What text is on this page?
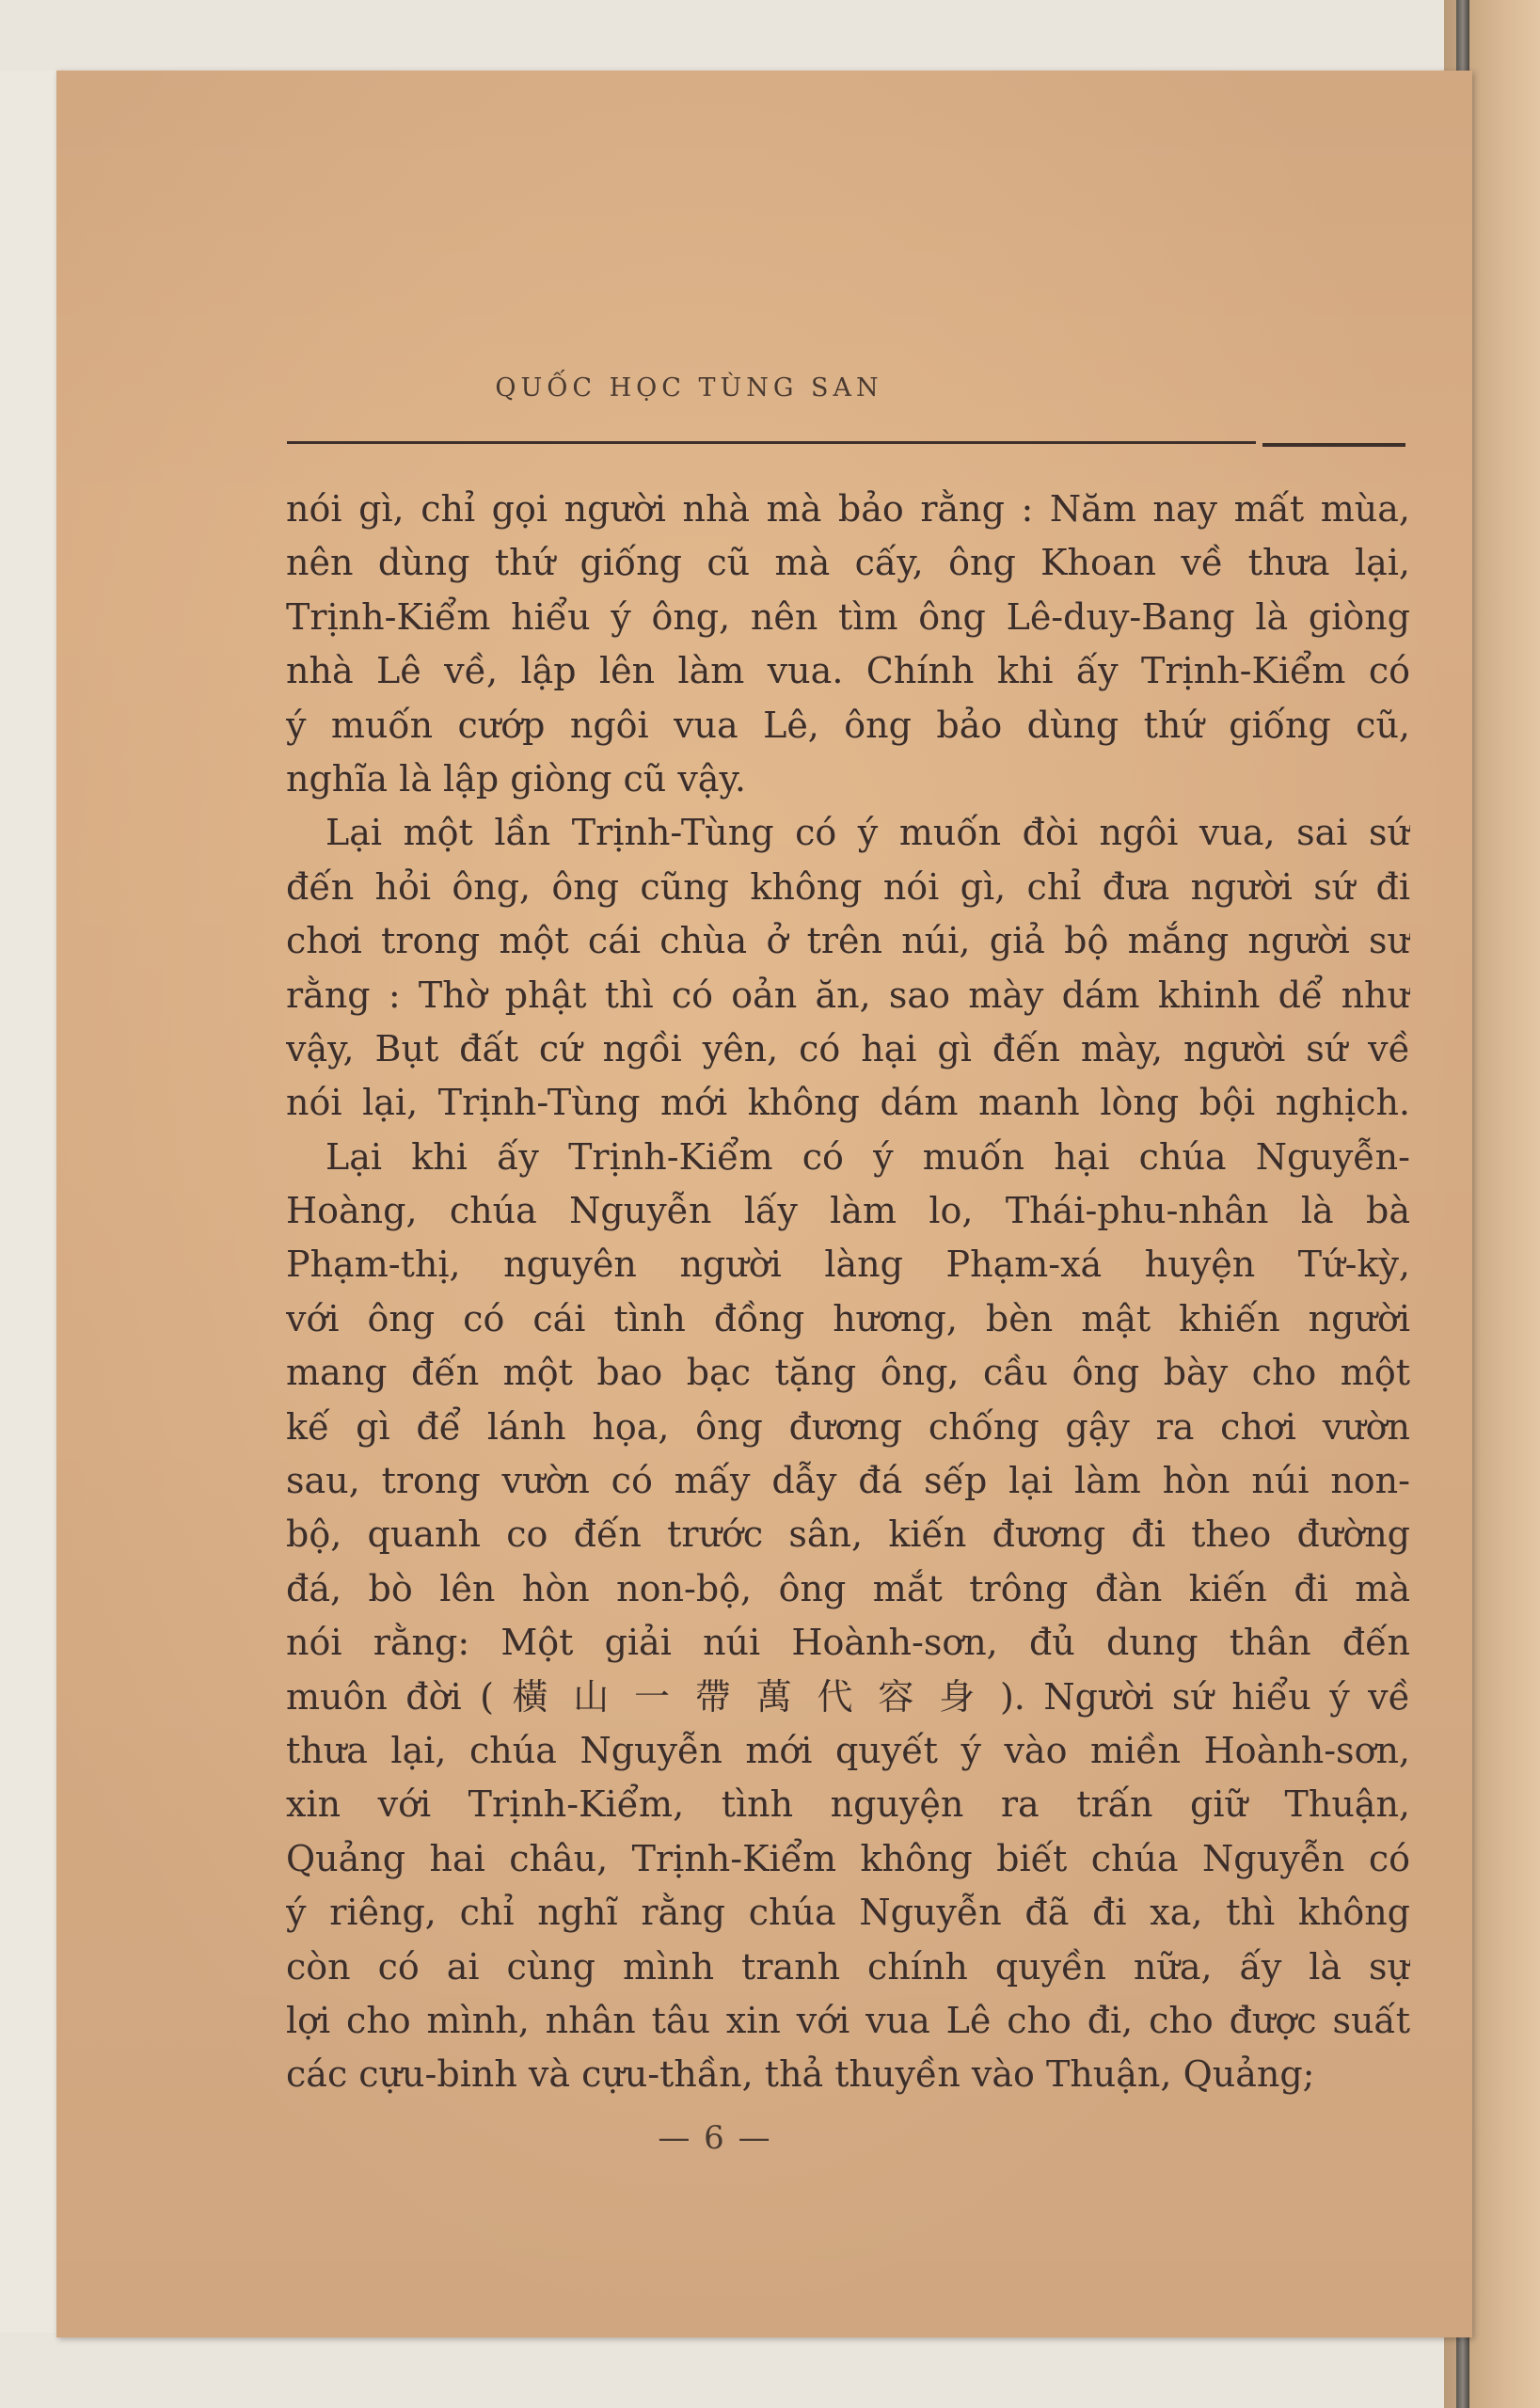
QUỐC HỌC TÙNG SAN
nói gì, chỉ gọi người nhà mà bảo rằng : Năm nay mất mùa,
nên dùng thứ giống cũ mà cấy, ông Khoan về thưa lại,
Trịnh-Kiểm hiểu ý ông, nên tìm ông Lê-duy-Bang là giòng
nhà Lê về, lập lên làm vua. Chính khi ấy Trịnh-Kiểm có
ý muốn cướp ngôi vua Lê, ông bảo dùng thứ giống cũ,
nghĩa là lập giòng cũ vậy.
Lại một lần Trịnh-Tùng có ý muốn đòi ngôi vua, sai sứ
đến hỏi ông, ông cũng không nói gì, chỉ đưa người sứ đi
chơi trong một cái chùa ở trên núi, giả bộ mắng người sư
rằng : Thờ phật thì có oản ăn, sao mày dám khinh dể như
vậy, Bụt đất cứ ngồi yên, có hại gì đến mày, người sứ về
nói lại, Trịnh-Tùng mới không dám manh lòng bội nghịch.
Lại khi ấy Trịnh-Kiểm có ý muốn hại chúa Nguyễn-
Hoàng, chúa Nguyễn lấy làm lo, Thái-phu-nhân là bà
Phạm-thị, nguyên người làng Phạm-xá huyện Tứ-kỳ,
với ông có cái tình đồng hương, bèn mật khiến người
mang đến một bao bạc tặng ông, cầu ông bày cho một
kế gì để lánh họa, ông đương chống gậy ra chơi vườn
sau, trong vườn có mấy dẫy đá sếp lại làm hòn núi non-
bộ, quanh co đến trước sân, kiến đương đi theo đường
đá, bò lên hòn non-bộ, ông mắt trông đàn kiến đi mà
nói rằng: Một giải núi Hoành-sơn, đủ dung thân đến
muôn đời ( 橫 山 一 帶 萬 代 容 身 ). Người sứ hiểu ý về
thưa lại, chúa Nguyễn mới quyết ý vào miền Hoành-sơn,
xin với Trịnh-Kiểm, tình nguyện ra trấn giữ Thuận,
Quảng hai châu, Trịnh-Kiểm không biết chúa Nguyễn có
ý riêng, chỉ nghĩ rằng chúa Nguyễn đã đi xa, thì không
còn có ai cùng mình tranh chính quyền nữa, ấy là sự
lợi cho mình, nhân tâu xin với vua Lê cho đi, cho được suất
các cựu-binh và cựu-thần, thả thuyền vào Thuận, Quảng;
— 6 —
